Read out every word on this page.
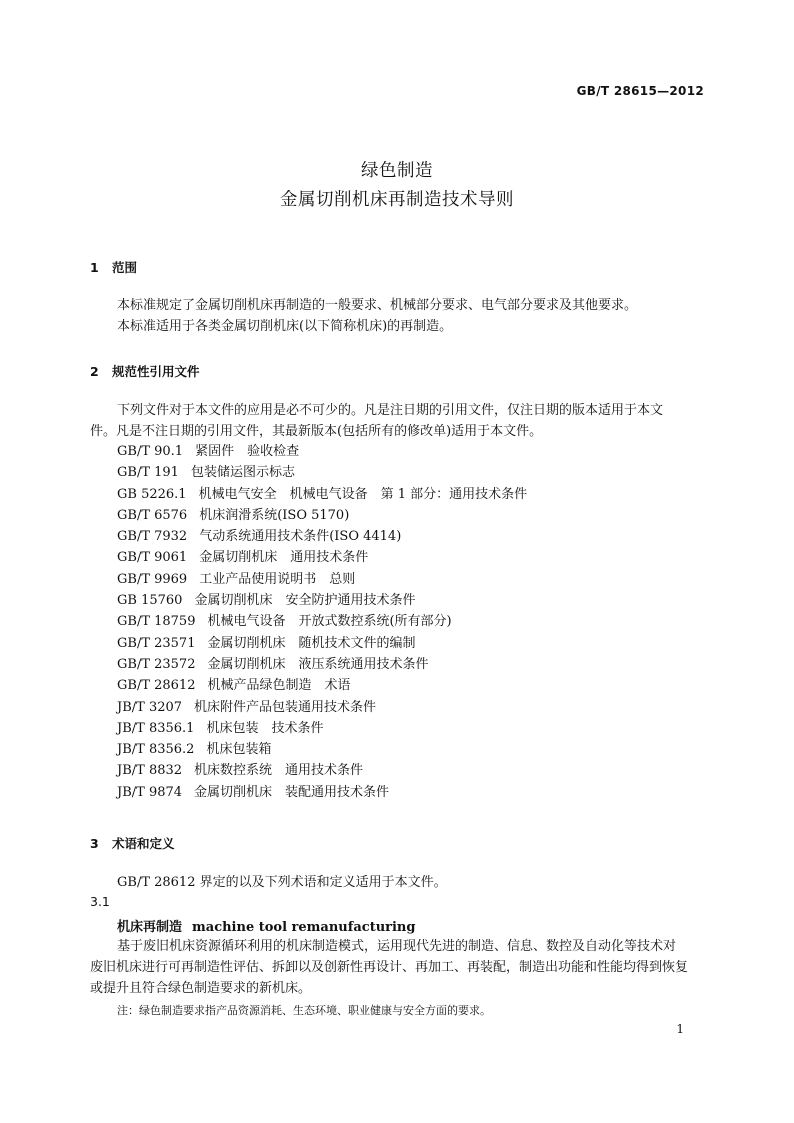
GB/T 28615—2012
绿色制造
金属切削机床再制造技术导则
1 范围
本标准规定了金属切削机床再制造的一般要求、机械部分要求、电气部分要求及其他要求。
本标准适用于各类金属切削机床(以下简称机床)的再制造。
2 规范性引用文件
下列文件对于本文件的应用是必不可少的。凡是注日期的引用文件，仅注日期的版本适用于本文
件。凡是不注日期的引用文件，其最新版本(包括所有的修改单)适用于本文件。
GB/T 90.1 紧固件　验收检查
GB/T 191 包装储运图示标志
GB 5226.1 机械电气安全　机械电气设备　第 1 部分：通用技术条件
GB/T 6576 机床润滑系统(ISO 5170)
GB/T 7932 气动系统通用技术条件(ISO 4414)
GB/T 9061 金属切削机床　通用技术条件
GB/T 9969 工业产品使用说明书　总则
GB 15760 金属切削机床　安全防护通用技术条件
GB/T 18759 机械电气设备　开放式数控系统(所有部分)
GB/T 23571 金属切削机床　随机技术文件的编制
GB/T 23572 金属切削机床　液压系统通用技术条件
GB/T 28612 机械产品绿色制造　术语
JB/T 3207 机床附件产品包装通用技术条件
JB/T 8356.1 机床包装　技术条件
JB/T 8356.2 机床包装箱
JB/T 8832 机床数控系统　通用技术条件
JB/T 9874 金属切削机床　装配通用技术条件
3 术语和定义
GB/T 28612 界定的以及下列术语和定义适用于本文件。
3.1
机床再制造 machine tool remanufacturing
基于废旧机床资源循环利用的机床制造模式，运用现代先进的制造、信息、数控及自动化等技术对
废旧机床进行可再制造性评估、拆卸以及创新性再设计、再加工、再装配，制造出功能和性能均得到恢复
或提升且符合绿色制造要求的新机床。
注：绿色制造要求指产品资源消耗、生态环境、职业健康与安全方面的要求。
1
